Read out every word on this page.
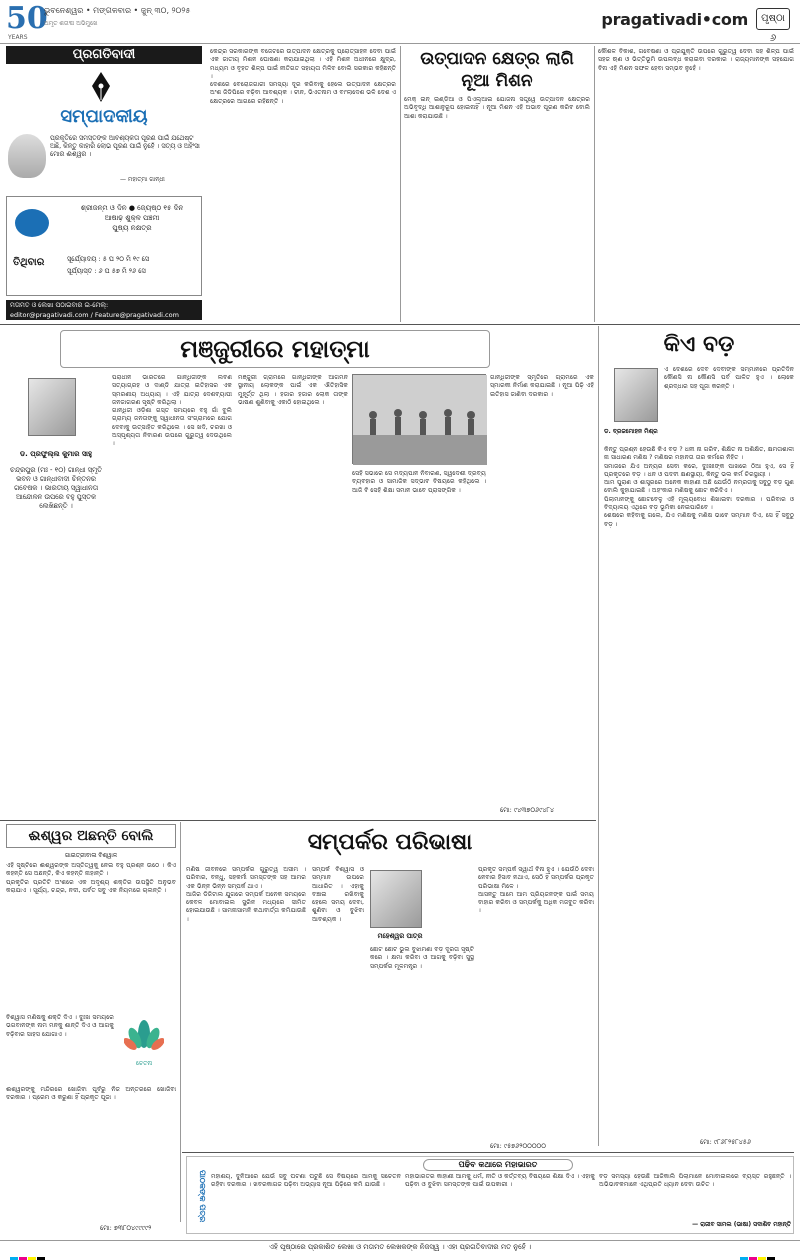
50
YEARS
ଭୁବନେଶ୍ୱର • ମଙ୍ଗଳବାର • ଜୁନ୍ ୩୦, ୨୦୨୫
ଅମୃତ ଶତାବ୍ଦୀ ଅଭିମୁଖେ	pragativadi•com	ପୃଷ୍ଠା ୬
ପ୍ରଗତିବାଦୀ
ସମ୍ପାଦକୀୟ
ପ୍ରକୃତିରେ ସମସ୍ତଙ୍କ ଆବଶ୍ୟକତା ପୂରଣ ପାଇଁ ଯଥେଷ୍ଟ ଅଛି, କିନ୍ତୁ କାହାରି ଲୋଭ ପୂରଣ ପାଇଁ ନୁହେଁ । ସତ୍ୟ ଓ ଅହିଂସା ମୋର ଈଶ୍ୱର ।
— ମହାତ୍ମା ଗାନ୍ଧୀ
ଶ୍ରୀଜନ୍ମ ଓ ଦିନ ● ଜ୍ୟେଷ୍ଠ ୧୫ ଦିନ
ଆଷାଢ଼ ଶୁକ୍ଳ ପଞ୍ଚମୀ
ପୁଷ୍ୟ ନକ୍ଷତ୍ର
ତିଥିବାର	ସୂର୍ଯ୍ୟୋଦୟ : ୫ ଘ ୨୦ ମି ୧୯ ସେ
ସୂର୍ଯ୍ୟାସ୍ତ : ୬ ଘ ୫୭ ମି ୨୬ ସେ
ମତାମତ ଓ ଲେଖା ପଠାଇବାର ଇ-ମେଲ୍:
editor@pragativadi.com / Feature@pragativadi.com
କେନ୍ଦ୍ର ସରକାରଙ୍କ ବଜେଟରେ ଉତ୍ପାଦନ କ୍ଷେତ୍ରକୁ ପ୍ରୋତ୍ସାହନ ଦେବା ପାଇଁ ଏକ ଜାତୀୟ ମିଶନ ଘୋଷଣା କରାଯାଇଥିଲା । ଏହି ମିଶନ ଅଧୀନରେ କ୍ଷୁଦ୍ର, ମଧ୍ୟମ ଓ ବୃହତ ଶିଳ୍ପ ପାଇଁ ନୀତିଗତ ସହାୟତା ମିଳିବ ବୋଲି ସରକାର କହିଛନ୍ତି ।
ଦେଶରେ ବେରୋଜଗାରୀ ସମସ୍ୟା ଦୂର କରିବାକୁ ହେଲେ ଉତ୍ପାଦନ କ୍ଷେତ୍ରର ଅଂଶ ଜିଡିପିରେ ବଢ଼ିବା ଆବଶ୍ୟକ । ଚୀନ, ଭିଏତନାମ ଓ ବାଂଲାଦେଶ ଭଳି ଦେଶ ଏ କ୍ଷେତ୍ରରେ ଆଗରେ ରହିଛନ୍ତି ।
ଉତ୍ପାଦନ କ୍ଷେତ୍ର ଲାଗି ନୂଆ ମିଶନ
ମେକ୍ ଇନ୍ ଇଣ୍ଡିଆ ଓ ପିଏଲ୍ଆଇ ଯୋଜନା ସତ୍ତ୍ୱେ ଉତ୍ପାଦନ କ୍ଷେତ୍ରର ଅଭିବୃଦ୍ଧି ଆଶାନୁରୂପ ହୋଇନାହିଁ । ନୂଆ ମିଶନ ଏହି ଅଭାବ ପୂରଣ କରିବ ବୋଲି ଆଶା କରାଯାଉଛି ।
କୌଶଳ ବିକାଶ, ଗବେଷଣା ଓ ପ୍ରଯୁକ୍ତି ଉପରେ ଗୁରୁତ୍ୱ ଦେବା ସହ ଶିଳ୍ପ ପାଇଁ ସହଜ ଋଣ ଓ ଭିତ୍ତିଭୂମି ଉପଲବ୍ଧ କରାଇବା ଦରକାର । ରାଜ୍ୟମାନଙ୍କ ସହଯୋଗ ବିନା ଏହି ମିଶନ ସଫଳ ହେବା ସମ୍ଭବ ନୁହେଁ ।
ମଞ୍ଜୁରୀରେ ମହାତ୍ମା
ଡ. ପ୍ରଫୁଲ୍ଲ କୁମାର ସାହୁ
ଚନ୍ଦ୍ରପୁର (ମଃ - ୧୦) ଗାନ୍ଧୀ ସ୍ମୃତି ଭବନ ଓ ଗାନ୍ଧୀବାଦୀ ଚିନ୍ତନର ଗବେଷକ । ଭାରତୀୟ ସ୍ୱାଧୀନତା ଆନ୍ଦୋଳନ ଉପରେ ବହୁ ପୁସ୍ତକ ଲେଖିଛନ୍ତି ।
ପରାଧୀନ ଭାରତରେ ଗାନ୍ଧିଜୀଙ୍କ ଲବଣ ସତ୍ୟାଗ୍ରହ ଓ ଦାଣ୍ଡି ଯାତ୍ରା ଇତିହାସର ଏକ ସ୍ମରଣୀୟ ଅଧ୍ୟାୟ । ଏହି ଯାତ୍ରା ଦେଶବ୍ୟାପୀ ଜନଜାଗରଣ ସୃଷ୍ଟି କରିଥିଲା ।
ଗାନ୍ଧିଜୀ ଓଡ଼ିଶା ଗସ୍ତ ସମୟରେ ବହୁ ଗାଁ ବୁଲି ଗ୍ରାମ୍ୟ ଜନତାଙ୍କୁ ସ୍ୱାଧୀନତା ସଂଗ୍ରାମରେ ଯୋଗ ଦେବାକୁ ଉତ୍ସାହିତ କରିଥିଲେ । ସେ ଖଦି, ଚରଖା ଓ ଅସ୍ପୃଶ୍ୟତା ନିବାରଣ ଉପରେ ଗୁରୁତ୍ୱ ଦେଉଥିଲେ ।
ମଞ୍ଜୁରୀ ଗ୍ରାମରେ ଗାନ୍ଧିଜୀଙ୍କ ଆଗମନ ସ୍ଥାନୀୟ ଲୋକଙ୍କ ପାଇଁ ଏକ ଐତିହାସିକ ମୁହୂର୍ତ୍ତ ଥିଲା । ହଜାର ହଜାର ଲୋକ ତାଙ୍କ ଭାଷଣ ଶୁଣିବାକୁ ଏକାଠି ହୋଇଥିଲେ ।
ସେହି ସଭାରେ ସେ ମଦ୍ୟପାନ ନିବାରଣ, ସ୍ୱଦେଶୀ ଦ୍ରବ୍ୟ ବ୍ୟବହାର ଓ ସାମାଜିକ ସଦ୍ଭାବ ବିଷୟରେ କହିଥିଲେ । ଆଜି ବି ସେହି ଶିକ୍ଷା ସମାନ ଭାବେ ପ୍ରାସଙ୍ଗିକ ।
ଗାନ୍ଧିଜୀଙ୍କ ସ୍ମୃତିରେ ଗ୍ରାମରେ ଏକ ସ୍ମାରକୀ ନିର୍ମାଣ କରାଯାଇଛି । ନୂଆ ପିଢ଼ି ଏହି ଇତିହାସ ଜାଣିବା ଦରକାର ।
ମୋ: ୯୪୩୭୦୬୯୪୮୪
କିଏ ବଡ଼
ଡ. ବ୍ରଜମୋହନ ମିଶ୍ର
ଏ ଦେଶରେ ଦେବ ଦେବୀଙ୍କ ସମ୍ମାନରେ ପ୍ରତିଦିନ କୌଣସି ନା କୌଣସି ପର୍ବ ପାଳିତ ହୁଏ । ଲୋକେ ଶ୍ରଦ୍ଧାର ସହ ପୂଜା କରନ୍ତି ।
କିନ୍ତୁ ପ୍ରଶ୍ନ ହେଉଛି କିଏ ବଡ଼ ? ଧନୀ ନା ଗରିବ, ଶିକ୍ଷିତ ନା ଅଶିକ୍ଷିତ, କ୍ଷମତାଶାଳୀ ନା ସାଧାରଣ ମଣିଷ ? ମଣିଷର ମହାନତା ତାର କର୍ମରେ ନିହିତ ।
ସମାଜରେ ଯିଏ ଅନ୍ୟର ସେବା କରେ, ଦୁଃଖୀଙ୍କ ପାଖରେ ଠିଆ ହୁଏ, ସେ ହିଁ ପ୍ରକୃତରେ ବଡ଼ । ଧନ ଓ ପଦବୀ କ୍ଷଣସ୍ଥାୟୀ, କିନ୍ତୁ ଭଲ କର୍ମ ଚିରସ୍ଥାୟୀ ।
ଆମ ପୁରାଣ ଓ ଶାସ୍ତ୍ରରେ ଅନେକ କାହାଣୀ ଅଛି ଯେଉଁଠି ନମ୍ରତାକୁ ସବୁଠୁ ବଡ଼ ଗୁଣ ବୋଲି କୁହାଯାଇଛି । ଅହଂକାର ମଣିଷକୁ ଛୋଟ କରିଦିଏ ।
ପିଲାମାନଙ୍କୁ ଛୋଟବେଳୁ ଏହି ମୂଲ୍ୟବୋଧ ଶିଖାଇବା ଦରକାର । ପରିବାର ଓ ବିଦ୍ୟାଳୟ ଏଥିରେ ବଡ଼ ଭୂମିକା ନେଇପାରିବେ ।
ଶେଷରେ କହିବାକୁ ଗଲେ, ଯିଏ ମଣିଷକୁ ମଣିଷ ଭାବେ ସମ୍ମାନ ଦିଏ, ସେ ହିଁ ସବୁଠୁ ବଡ଼ ।
ମୋ: ୯୮୬୮୨୫୮୪୫୬
ଈଶ୍ୱର ଅଛନ୍ତି ବୋଲି
ଗାଇତ୍ରୀବାଳା ବିଶ୍ୱାଳ
ଏହି ସୃଷ୍ଟିରେ ଈଶ୍ୱରଙ୍କ ଅସ୍ତିତ୍ୱକୁ ନେଇ ବହୁ ପ୍ରଶ୍ନ ଉଠେ । କିଏ କହନ୍ତି ସେ ଅଛନ୍ତି, କିଏ କହନ୍ତି ନାହାନ୍ତି ।
ପ୍ରକୃତିର ପ୍ରତିଟି ଅଂଶରେ ଏକ ଅଦୃଶ୍ୟ ଶକ୍ତିର ଉପସ୍ଥିତି ଅନୁଭବ କରାଯାଏ । ସୂର୍ଯ୍ୟ, ଚନ୍ଦ୍ର, ନଦୀ, ପର୍ବତ ସବୁ ଏକ ନିୟମରେ ଚାଲନ୍ତି ।
ବିଶ୍ୱାସ ମଣିଷକୁ ଶକ୍ତି ଦିଏ । ଦୁଃଖ ସମୟରେ ଭଗବାନଙ୍କ ନାମ ମନକୁ ଶାନ୍ତି ଦିଏ ଓ ଆଗକୁ ବଢ଼ିବାର ସାହସ ଯୋଗାଏ ।
ଚେତନା
ଈଶ୍ୱରଙ୍କୁ ମନ୍ଦିରରେ ଖୋଜିବା ପୂର୍ବରୁ ନିଜ ଅନ୍ତରରେ ଖୋଜିବା ଦରକାର । ପ୍ରେମ ଓ କରୁଣା ହିଁ ପ୍ରକୃତ ପୂଜା ।
ମୋ: ୭୩୮୦୪୯୯୯୯୨
ସମ୍ପର୍କର ପରିଭାଷା
ମଣିଷ ଜୀବନରେ ସମ୍ପର୍କର ଗୁରୁତ୍ୱ ଅସୀମ । ପରିବାର, ବନ୍ଧୁ, ସହକର୍ମୀ ସମସ୍ତଙ୍କ ସହ ଆମର ଏକ ଭିନ୍ନ ଭିନ୍ନ ସମ୍ପର୍କ ଥାଏ ।
ଆଜିର ଡିଜିଟାଲ ଯୁଗରେ ସମ୍ପର୍କ ଅନେକ ସମୟରେ କେବଳ ମୋବାଇଲ ସ୍କ୍ରିନ ମଧ୍ୟରେ ସୀମିତ ହୋଇଯାଉଛି । ସାମନାସାମନି କଥାବାର୍ତ୍ତା କମିଯାଉଛି ।
ସମ୍ପର୍କ ବିଶ୍ୱାସ ଓ ସମ୍ମାନ ଉପରେ ଆଧାରିତ । ଏହାକୁ ବଞ୍ଚାଇ ରଖିବାକୁ ହେଲେ ସମୟ ଦେବା, ଶୁଣିବା ଓ ବୁଝିବା ଆବଶ୍ୟକ ।
ମହେଶ୍ୱର ପାତ୍ର
ଛୋଟ ଛୋଟ ଭୁଲ ବୁଝାମଣା ବଡ଼ ଦୂରତା ସୃଷ୍ଟି କରେ । କ୍ଷମା କରିବା ଓ ଆଗକୁ ବଢ଼ିବା ସୁସ୍ଥ ସମ୍ପର୍କର ମୂଳମନ୍ତ୍ର ।
ପ୍ରକୃତ ସମ୍ପର୍କ ସ୍ୱାର୍ଥ ବିନା ହୁଏ । ଯେଉଁଠି ଦେବା ନେବାର ହିସାବ ନଥାଏ, ସେଠି ହିଁ ସମ୍ପର୍କର ପ୍ରକୃତ ପରିଭାଷା ମିଳେ ।
ଆସନ୍ତୁ ଆମେ ଆମ ପ୍ରିୟଜନଙ୍କ ପାଇଁ ସମୟ ବାହାର କରିବା ଓ ସମ୍ପର୍କକୁ ଅଧିକ ମଜବୁତ କରିବା ।
ମୋ: ୯୫୭୬୨୦୦୦୦୦
ପାଠକଙ୍କ ପତ୍ର
ପଢିବ କଥାରେ ମହାଭାରତ
ମହାଶୟ, ଦୁନିଆରେ ଯେଉଁ ସବୁ ଘଟଣା ଘଟୁଛି ସେ ବିଷୟରେ ଆମକୁ ସଚେତନ ରହିବା ଦରକାର । ଖବରକାଗଜ ପଢ଼ିବା ଅଭ୍ୟାସ ନୂଆ ପିଢ଼ିରେ କମି ଯାଉଛି ।
ମହାଭାରତର କାହାଣୀ ଆମକୁ ଧର୍ମ, ନୀତି ଓ କର୍ତ୍ତବ୍ୟ ବିଷୟରେ ଶିକ୍ଷା ଦିଏ । ଏହାକୁ ପଢ଼ିବା ଓ ବୁଝିବା ସମସ୍ତଙ୍କ ପାଇଁ ଉପକାରୀ ।
ବଡ଼ ସମସ୍ୟା ହେଉଛି ଆଜିକାଲି ପିଲାମାନେ ମୋବାଇଲରେ ବ୍ୟସ୍ତ ରହୁଛନ୍ତି । ଅଭିଭାବକମାନେ ଏଥିପ୍ରତି ଧ୍ୟାନ ଦେବା ଉଚିତ ।
— ରାଜୀବ ସାମଲ (ଭାଷା) ସଦାଶିବ ମହାନ୍ତି
ଏହି ପୃଷ୍ଠାରେ ପ୍ରକାଶିତ ଲେଖା ଓ ମତାମତ ଲେଖକଙ୍କ ନିଜସ୍ୱ । ଏହା ପ୍ରଗତିବାଦୀର ମତ ନୁହେଁ ।
